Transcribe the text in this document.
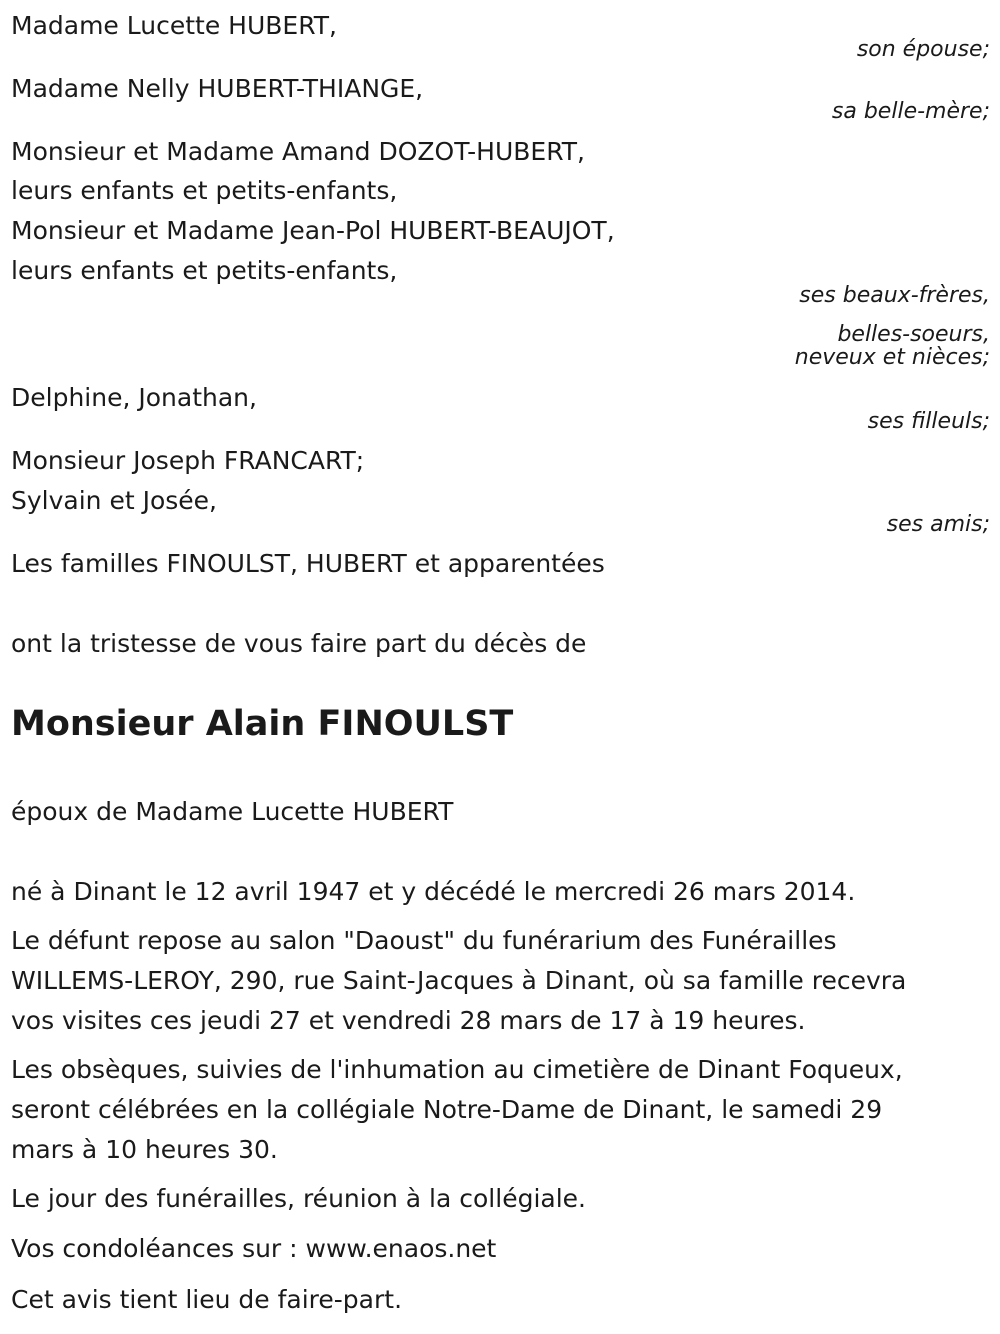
Madame Lucette HUBERT,
son épouse;
Madame Nelly HUBERT-THIANGE,
sa belle-mère;
Monsieur et Madame Amand DOZOT-HUBERT,
leurs enfants et petits-enfants,
Monsieur et Madame Jean-Pol HUBERT-BEAUJOT,
leurs enfants et petits-enfants,
ses beaux-frères,
belles-soeurs,
neveux et nièces;
Delphine, Jonathan,
ses filleuls;
Monsieur Joseph FRANCART;
Sylvain et Josée,
ses amis;
Les familles FINOULST, HUBERT et apparentées
ont la tristesse de vous faire part du décès de
Monsieur Alain FINOULST
époux de Madame Lucette HUBERT
né à Dinant le 12 avril 1947 et y décédé le mercredi 26 mars 2014.
Le défunt repose au salon "Daoust" du funérarium des Funérailles
WILLEMS-LEROY, 290, rue Saint-Jacques à Dinant, où sa famille recevra
vos visites ces jeudi 27 et vendredi 28 mars de 17 à 19 heures.
Les obsèques, suivies de l'inhumation au cimetière de Dinant Foqueux,
seront célébrées en la collégiale Notre-Dame de Dinant, le samedi 29
mars à 10 heures 30.
Le jour des funérailles, réunion à la collégiale.
Vos condoléances sur : www.enaos.net
Cet avis tient lieu de faire-part.
